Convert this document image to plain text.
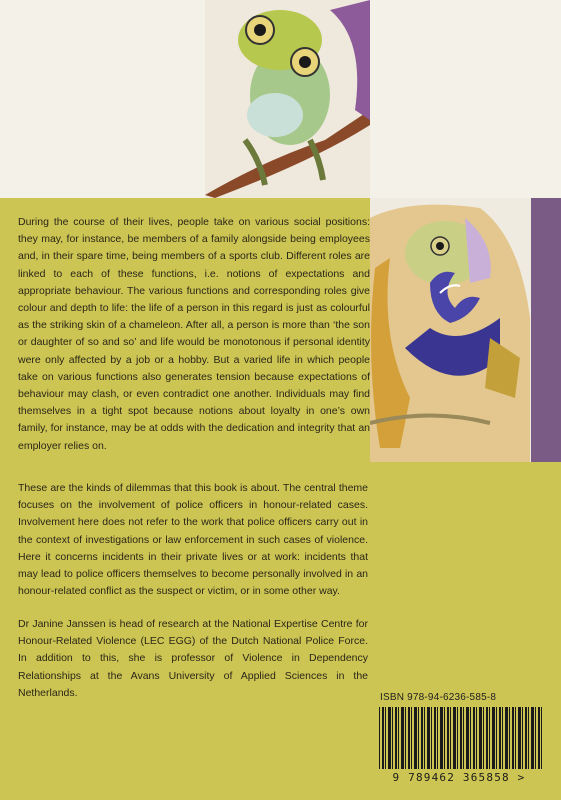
During the course of their lives, people take on various social positions: they may, for instance, be members of a family alongside being employees and, in their spare time, being members of a sports club. Different roles are linked to each of these functions, i.e. notions of expectations and appropriate behaviour. The various functions and corresponding roles give colour and depth to life: the life of a person in this regard is just as colourful as the striking skin of a chameleon. After all, a person is more than ‘the son or daughter of so and so’ and life would be monotonous if personal identity were only affected by a job or a hobby. But a varied life in which people take on various functions also generates tension because expectations of behaviour may clash, or even contradict one another. Individuals may find themselves in a tight spot because notions about loyalty in one’s own family, for instance, may be at odds with the dedication and integrity that an employer relies on.

These are the kinds of dilemmas that this book is about. The central theme focuses on the involvement of police officers in honour-related cases. Involvement here does not refer to the work that police officers carry out in the context of investigations or law enforcement in such cases of violence. Here it concerns incidents in their private lives or at work: incidents that may lead to police officers themselves to become personally involved in an honour-related conflict as the suspect or victim, or in some other way.

Dr Janine Janssen is head of research at the National Expertise Centre for Honour-Related Violence (LEC EGG) of the Dutch National Police Force. In addition to this, she is professor of Violence in Dependency Relationships at the Avans University of Applied Sciences in the Netherlands.	ISBN 978-94-6236-585-8
9 789462 365858 >
